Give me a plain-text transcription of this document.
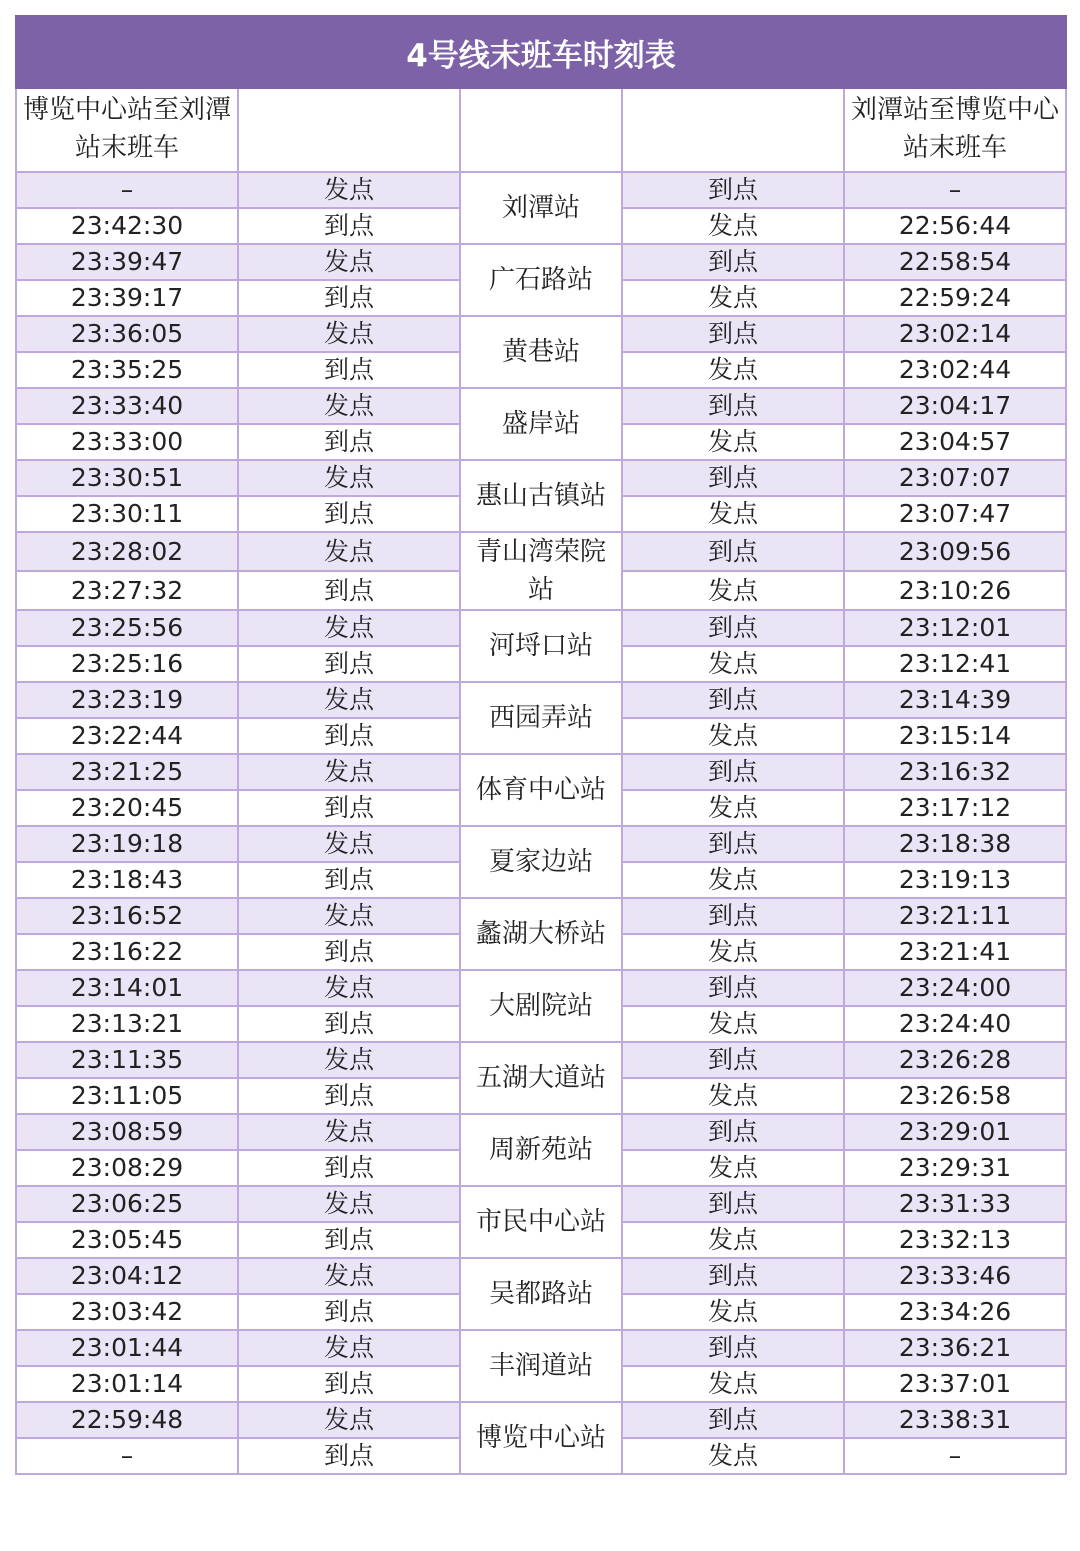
4号线末班车时刻表				
博览中心站至刘潭站末班车				刘潭站至博览中心站末班车
–	发点	刘潭站	到点	–
23:42:30	到点		发点	22:56:44
23:39:47	发点	广石路站	到点	22:58:54
23:39:17	到点		发点	22:59:24
23:36:05	发点	黄巷站	到点	23:02:14
23:35:25	到点		发点	23:02:44
23:33:40	发点	盛岸站	到点	23:04:17
23:33:00	到点		发点	23:04:57
23:30:51	发点	惠山古镇站	到点	23:07:07
23:30:11	到点		发点	23:07:47
23:28:02	发点	青山湾荣院站	到点	23:09:56
23:27:32	到点		发点	23:10:26
23:25:56	发点	河埒口站	到点	23:12:01
23:25:16	到点		发点	23:12:41
23:23:19	发点	西园弄站	到点	23:14:39
23:22:44	到点		发点	23:15:14
23:21:25	发点	体育中心站	到点	23:16:32
23:20:45	到点		发点	23:17:12
23:19:18	发点	夏家边站	到点	23:18:38
23:18:43	到点		发点	23:19:13
23:16:52	发点	蠡湖大桥站	到点	23:21:11
23:16:22	到点		发点	23:21:41
23:14:01	发点	大剧院站	到点	23:24:00
23:13:21	到点		发点	23:24:40
23:11:35	发点	五湖大道站	到点	23:26:28
23:11:05	到点		发点	23:26:58
23:08:59	发点	周新苑站	到点	23:29:01
23:08:29	到点		发点	23:29:31
23:06:25	发点	市民中心站	到点	23:31:33
23:05:45	到点		发点	23:32:13
23:04:12	发点	吴都路站	到点	23:33:46
23:03:42	到点		发点	23:34:26
23:01:44	发点	丰润道站	到点	23:36:21
23:01:14	到点		发点	23:37:01
22:59:48	发点	博览中心站	到点	23:38:31
–	到点		发点	–
